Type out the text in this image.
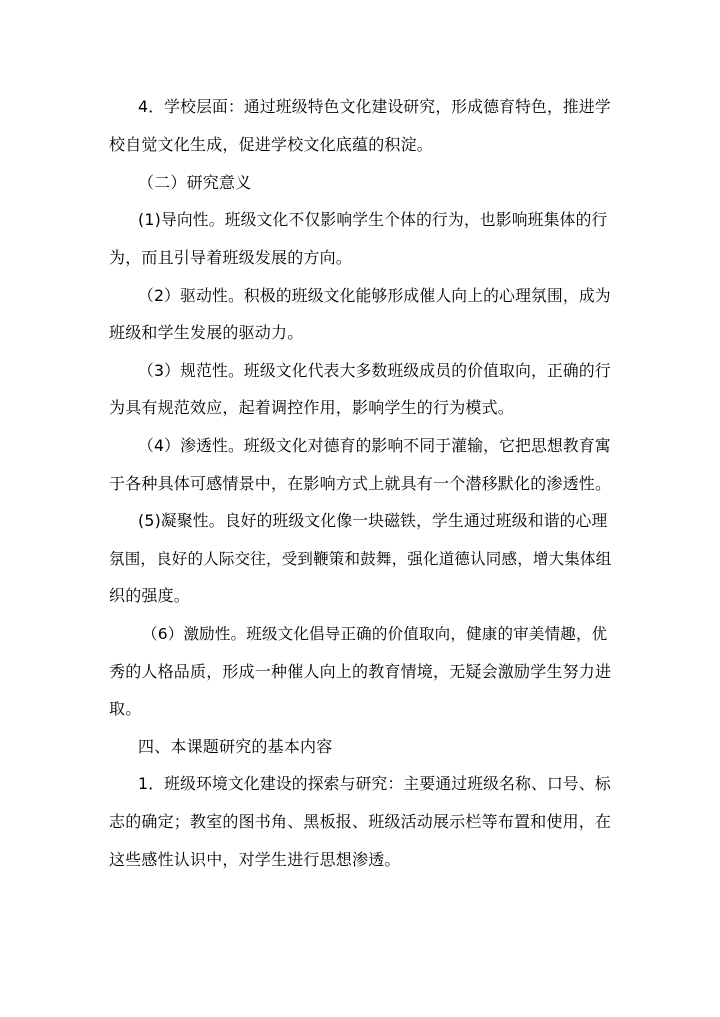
4．学校层面：通过班级特色文化建设研究，形成德育特色，推进学
校自觉文化生成，促进学校文化底蕴的积淀。
（二）研究意义
(1)导向性。班级文化不仅影响学生个体的行为，也影响班集体的行
为，而且引导着班级发展的方向。
（2）驱动性。积极的班级文化能够形成催人向上的心理氛围，成为
班级和学生发展的驱动力。
（3）规范性。班级文化代表大多数班级成员的价值取向，正确的行
为具有规范效应，起着调控作用，影响学生的行为模式。
（4）渗透性。班级文化对德育的影响不同于灌输，它把思想教育寓
于各种具体可感情景中，在影响方式上就具有一个潜移默化的渗透性。
(5)凝聚性。良好的班级文化像一块磁铁，学生通过班级和谐的心理
氛围，良好的人际交往，受到鞭策和鼓舞，强化道德认同感，增大集体组
织的强度。
（6）激励性。班级文化倡导正确的价值取向，健康的审美情趣，优
秀的人格品质，形成一种催人向上的教育情境，无疑会激励学生努力进
取。
四、本课题研究的基本内容
1．班级环境文化建设的探索与研究：主要通过班级名称、口号、标
志的确定；教室的图书角、黑板报、班级活动展示栏等布置和使用，在
这些感性认识中，对学生进行思想渗透。
